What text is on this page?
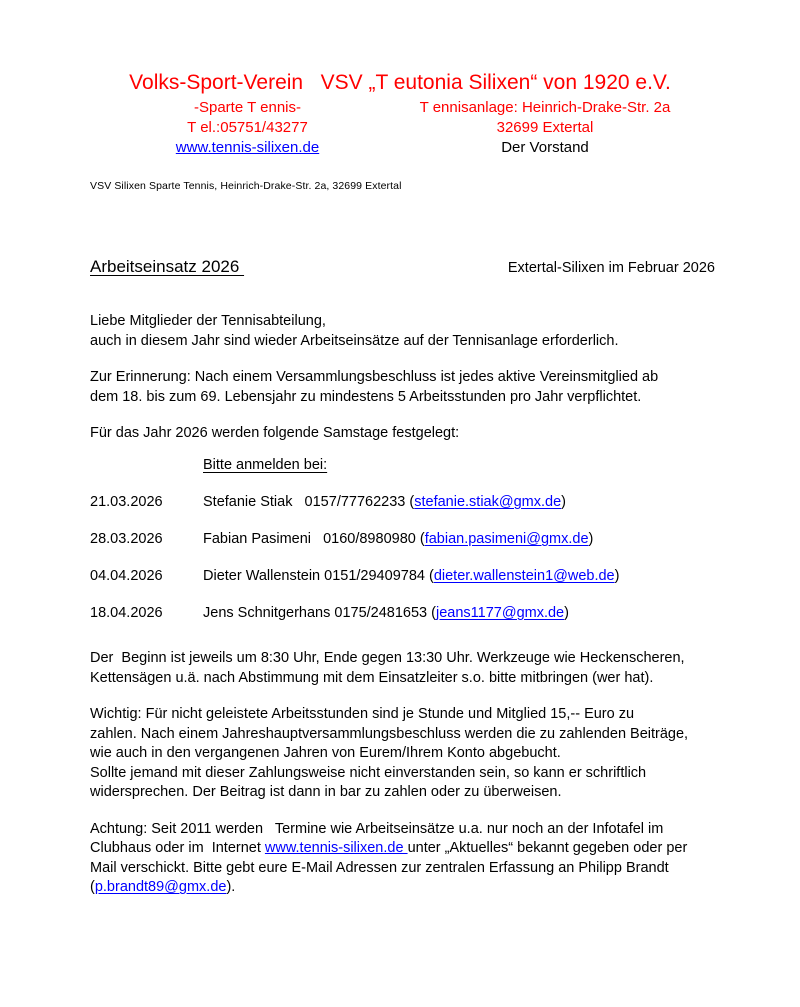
Volks-Sport-Verein   VSV „T eutonia Silixen“ von 1920 e.V.
-Sparte T ennis-
T el.:05751/43277
www.tennis-silixen.de
T ennisanlage: Heinrich-Drake-Str. 2a
32699 Extertal
Der Vorstand
VSV Silixen Sparte Tennis, Heinrich-Drake-Str. 2a, 32699 Extertal
Arbeitseinsatz 2026	Extertal-Silixen im Februar 2026

Liebe Mitglieder der Tennisabteilung,
auch in diesem Jahr sind wieder Arbeitseinsätze auf der Tennisanlage erforderlich.

Zur Erinnerung: Nach einem Versammlungsbeschluss ist jedes aktive Vereinsmitglied ab
dem 18. bis zum 69. Lebensjahr zu mindestens 5 Arbeitsstunden pro Jahr verpflichtet.

Für das Jahr 2026 werden folgende Samstage festgelegt:

Bitte anmelden bei:

21.03.2026

	Stefanie Stiak   0157/77762233 (stefanie.stiak@gmx.de)

28.03.2026

	Fabian Pasimeni   0160/8980980 (fabian.pasimeni@gmx.de)

04.04.2026

	Dieter Wallenstein 0151/29409784 (dieter.wallenstein1@web.de)

18.04.2026

	Jens Schnitgerhans 0175/2481653 (jeans1177@gmx.de)

Der  Beginn ist jeweils um 8:30 Uhr, Ende gegen 13:30 Uhr. Werkzeuge wie Heckenscheren,
Kettensägen u.ä. nach Abstimmung mit dem Einsatzleiter s.o. bitte mitbringen (wer hat).

Wichtig: Für nicht geleistete Arbeitsstunden sind je Stunde und Mitglied 15,-- Euro zu
zahlen. Nach einem Jahreshauptversammlungsbeschluss werden die zu zahlenden Beiträge,
wie auch in den vergangenen Jahren von Eurem/Ihrem Konto abgebucht.
Sollte jemand mit dieser Zahlungsweise nicht einverstanden sein, so kann er schriftlich
widersprechen. Der Beitrag ist dann in bar zu zahlen oder zu überweisen.

Achtung: Seit 2011 werden   Termine wie Arbeitseinsätze u.a. nur noch an der Infotafel im
Clubhaus oder im  Internet www.tennis-silixen.de unter „Aktuelles“ bekannt gegeben oder per
Mail verschickt. Bitte gebt eure E-Mail Adressen zur zentralen Erfassung an Philipp Brandt
(p.brandt89@gmx.de).
